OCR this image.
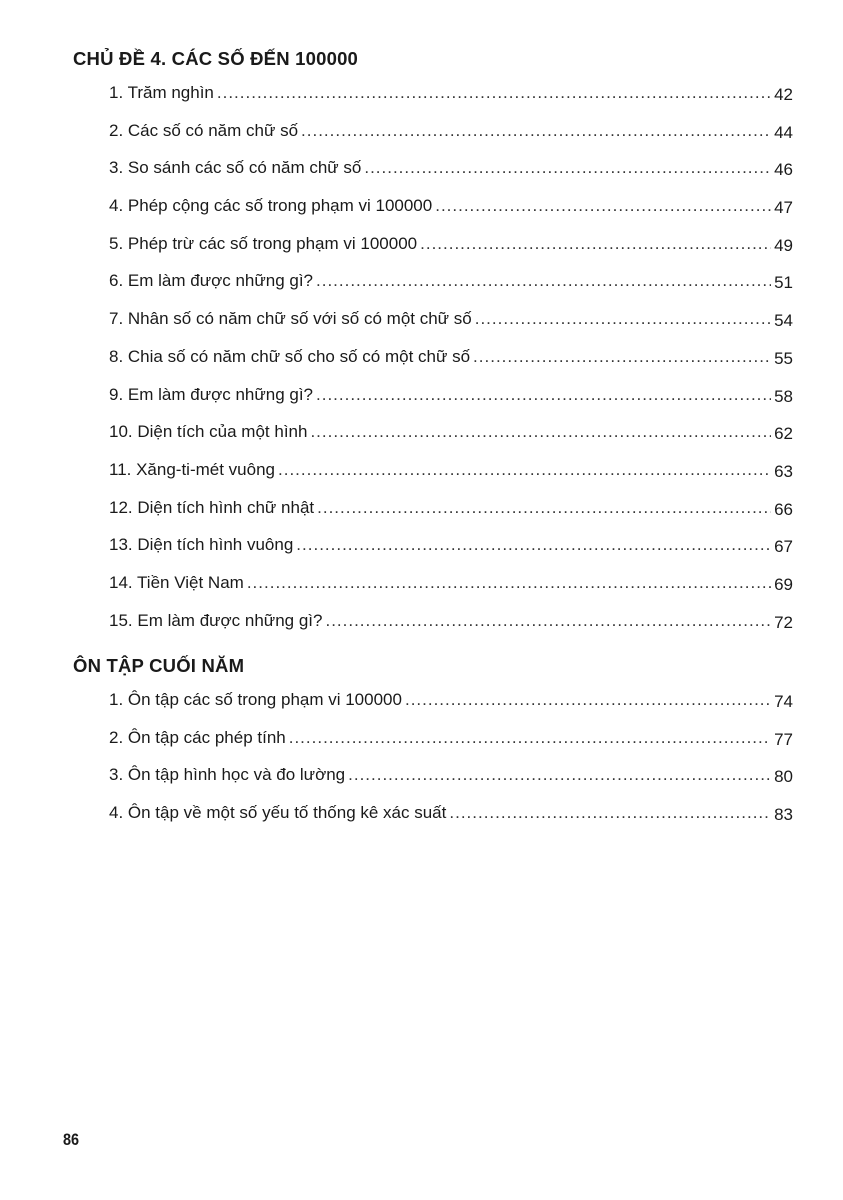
CHỦ ĐỀ 4. CÁC SỐ ĐẾN 100000
1. Trăm nghìn .....	42
2. Các số có năm chữ số .....	44
3. So sánh các số có năm chữ số .....	46
4. Phép cộng các số trong phạm vi 100000 .....	47
5. Phép trừ các số trong phạm vi 100000 .....	49
6. Em làm được những gì? .....	51
7. Nhân số có năm chữ số với số có một chữ số .....	54
8. Chia số có năm chữ số cho số có một chữ số .....	55
9. Em làm được những gì? .....	58
10. Diện tích của một hình .....	62
11. Xăng-ti-mét vuông .....	63
12. Diện tích hình chữ nhật .....	66
13. Diện tích hình vuông .....	67
14. Tiền Việt Nam .....	69
15. Em làm được những gì? .....	72
ÔN TẬP CUỐI NĂM
1. Ôn tập các số trong phạm vi 100000 .....	74
2. Ôn tập các phép tính .....	77
3. Ôn tập hình học và đo lường .....	80
4. Ôn tập về một số yếu tố thống kê xác suất .....	83
86
